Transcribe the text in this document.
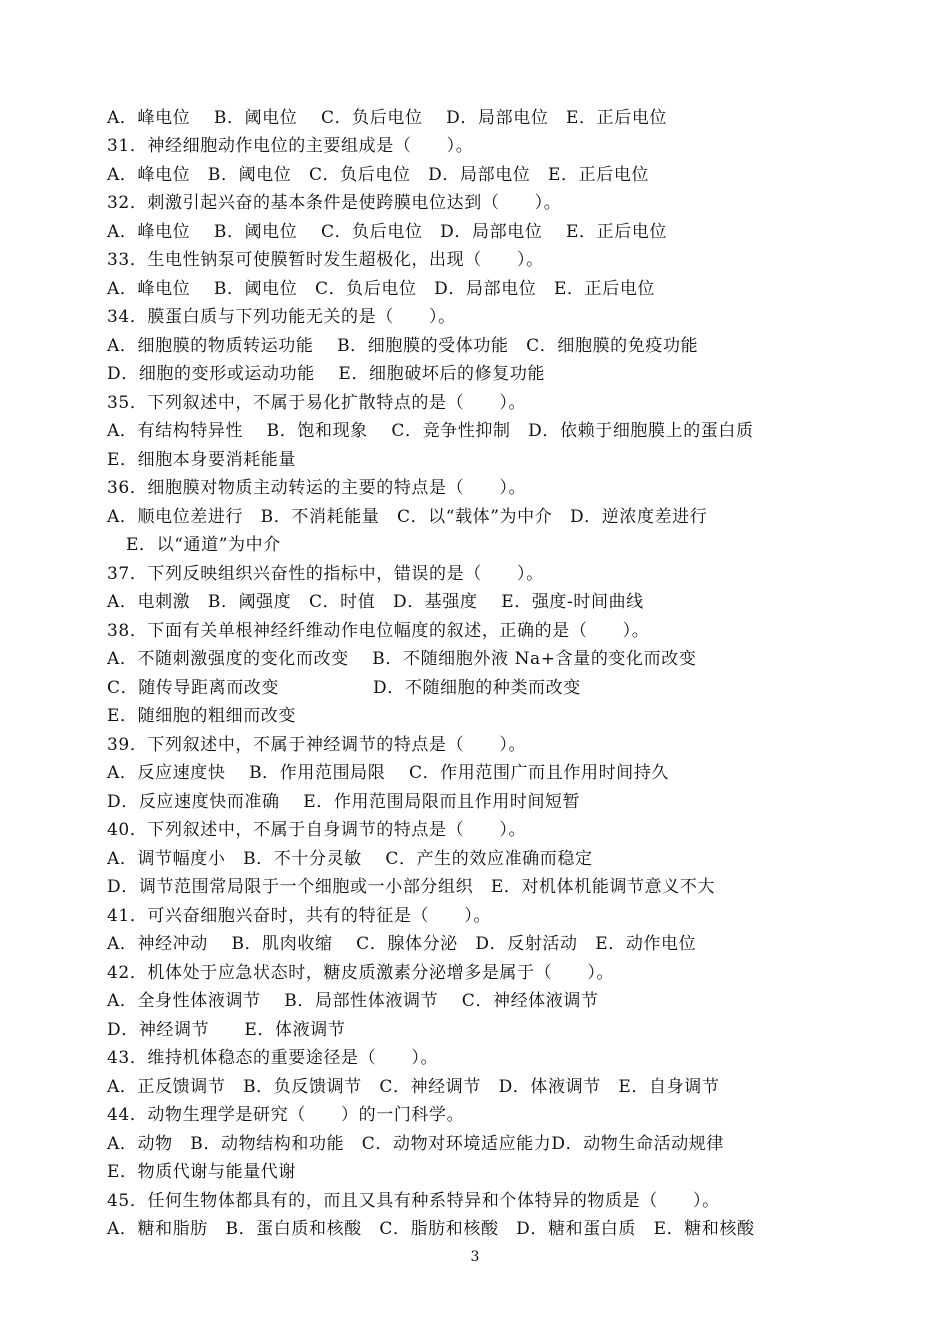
A．峰电位　 B．阈电位　 C．负后电位　 D．局部电位　E．正后电位
31．神经细胞动作电位的主要组成是（　　）。
A．峰电位　B．阈电位　C．负后电位　D．局部电位　E．正后电位
32．刺激引起兴奋的基本条件是使跨膜电位达到（　　）。
A．峰电位　 B．阈电位　 C．负后电位　D．局部电位　 E．正后电位
33．生电性钠泵可使膜暂时发生超极化，出现（　　）。
A．峰电位　 B．阈电位　C．负后电位　D．局部电位　E．正后电位
34．膜蛋白质与下列功能无关的是（　　）。
A．细胞膜的物质转运功能　 B．细胞膜的受体功能　C．细胞膜的免疫功能
D．细胞的变形或运动功能　 E．细胞破坏后的修复功能
35．下列叙述中，不属于易化扩散特点的是（　　）。
A．有结构特异性　 B．饱和现象　 C．竞争性抑制　D．依赖于细胞膜上的蛋白质
E．细胞本身要消耗能量
36．细胞膜对物质主动转运的主要的特点是（　　）。
A．顺电位差进行　B．不消耗能量　C．以“载体”为中介　D．逆浓度差进行
E．以“通道”为中介
37．下列反映组织兴奋性的指标中，错误的是（　　）。
A．电刺激　B．阈强度　C．时值　D．基强度　 E．强度-时间曲线
38．下面有关单根神经纤维动作电位幅度的叙述，正确的是（　　）。
A．不随刺激强度的变化而改变　 B．不随细胞外液 Na+含量的变化而改变
C．随传导距离而改变　　　　　 D．不随细胞的种类而改变
E．随细胞的粗细而改变
39．下列叙述中，不属于神经调节的特点是（　　）。
A．反应速度快　 B．作用范围局限　 C．作用范围广而且作用时间持久
D．反应速度快而准确　 E．作用范围局限而且作用时间短暂
40．下列叙述中，不属于自身调节的特点是（　　）。
A．调节幅度小　B．不十分灵敏　 C．产生的效应准确而稳定
D．调节范围常局限于一个细胞或一小部分组织　E．对机体机能调节意义不大
41．可兴奋细胞兴奋时，共有的特征是（　　）。
A．神经冲动　 B．肌肉收缩　 C．腺体分泌　D．反射活动　E．动作电位
42．机体处于应急状态时，糖皮质激素分泌增多是属于（　　）。
A．全身性体液调节　 B．局部性体液调节　 C．神经体液调节
D．神经调节　　E．体液调节
43．维持机体稳态的重要途径是（　　）。
A．正反馈调节　B．负反馈调节　C．神经调节　D．体液调节　E．自身调节
44．动物生理学是研究（　　）的一门科学。
A．动物　B．动物结构和功能　C．动物对环境适应能力D．动物生命活动规律
E．物质代谢与能量代谢
45．任何生物体都具有的，而且又具有种系特异和个体特异的物质是（　　）。
A．糖和脂肪　B．蛋白质和核酸　C．脂肪和核酸　D．糖和蛋白质　E．糖和核酸
3
